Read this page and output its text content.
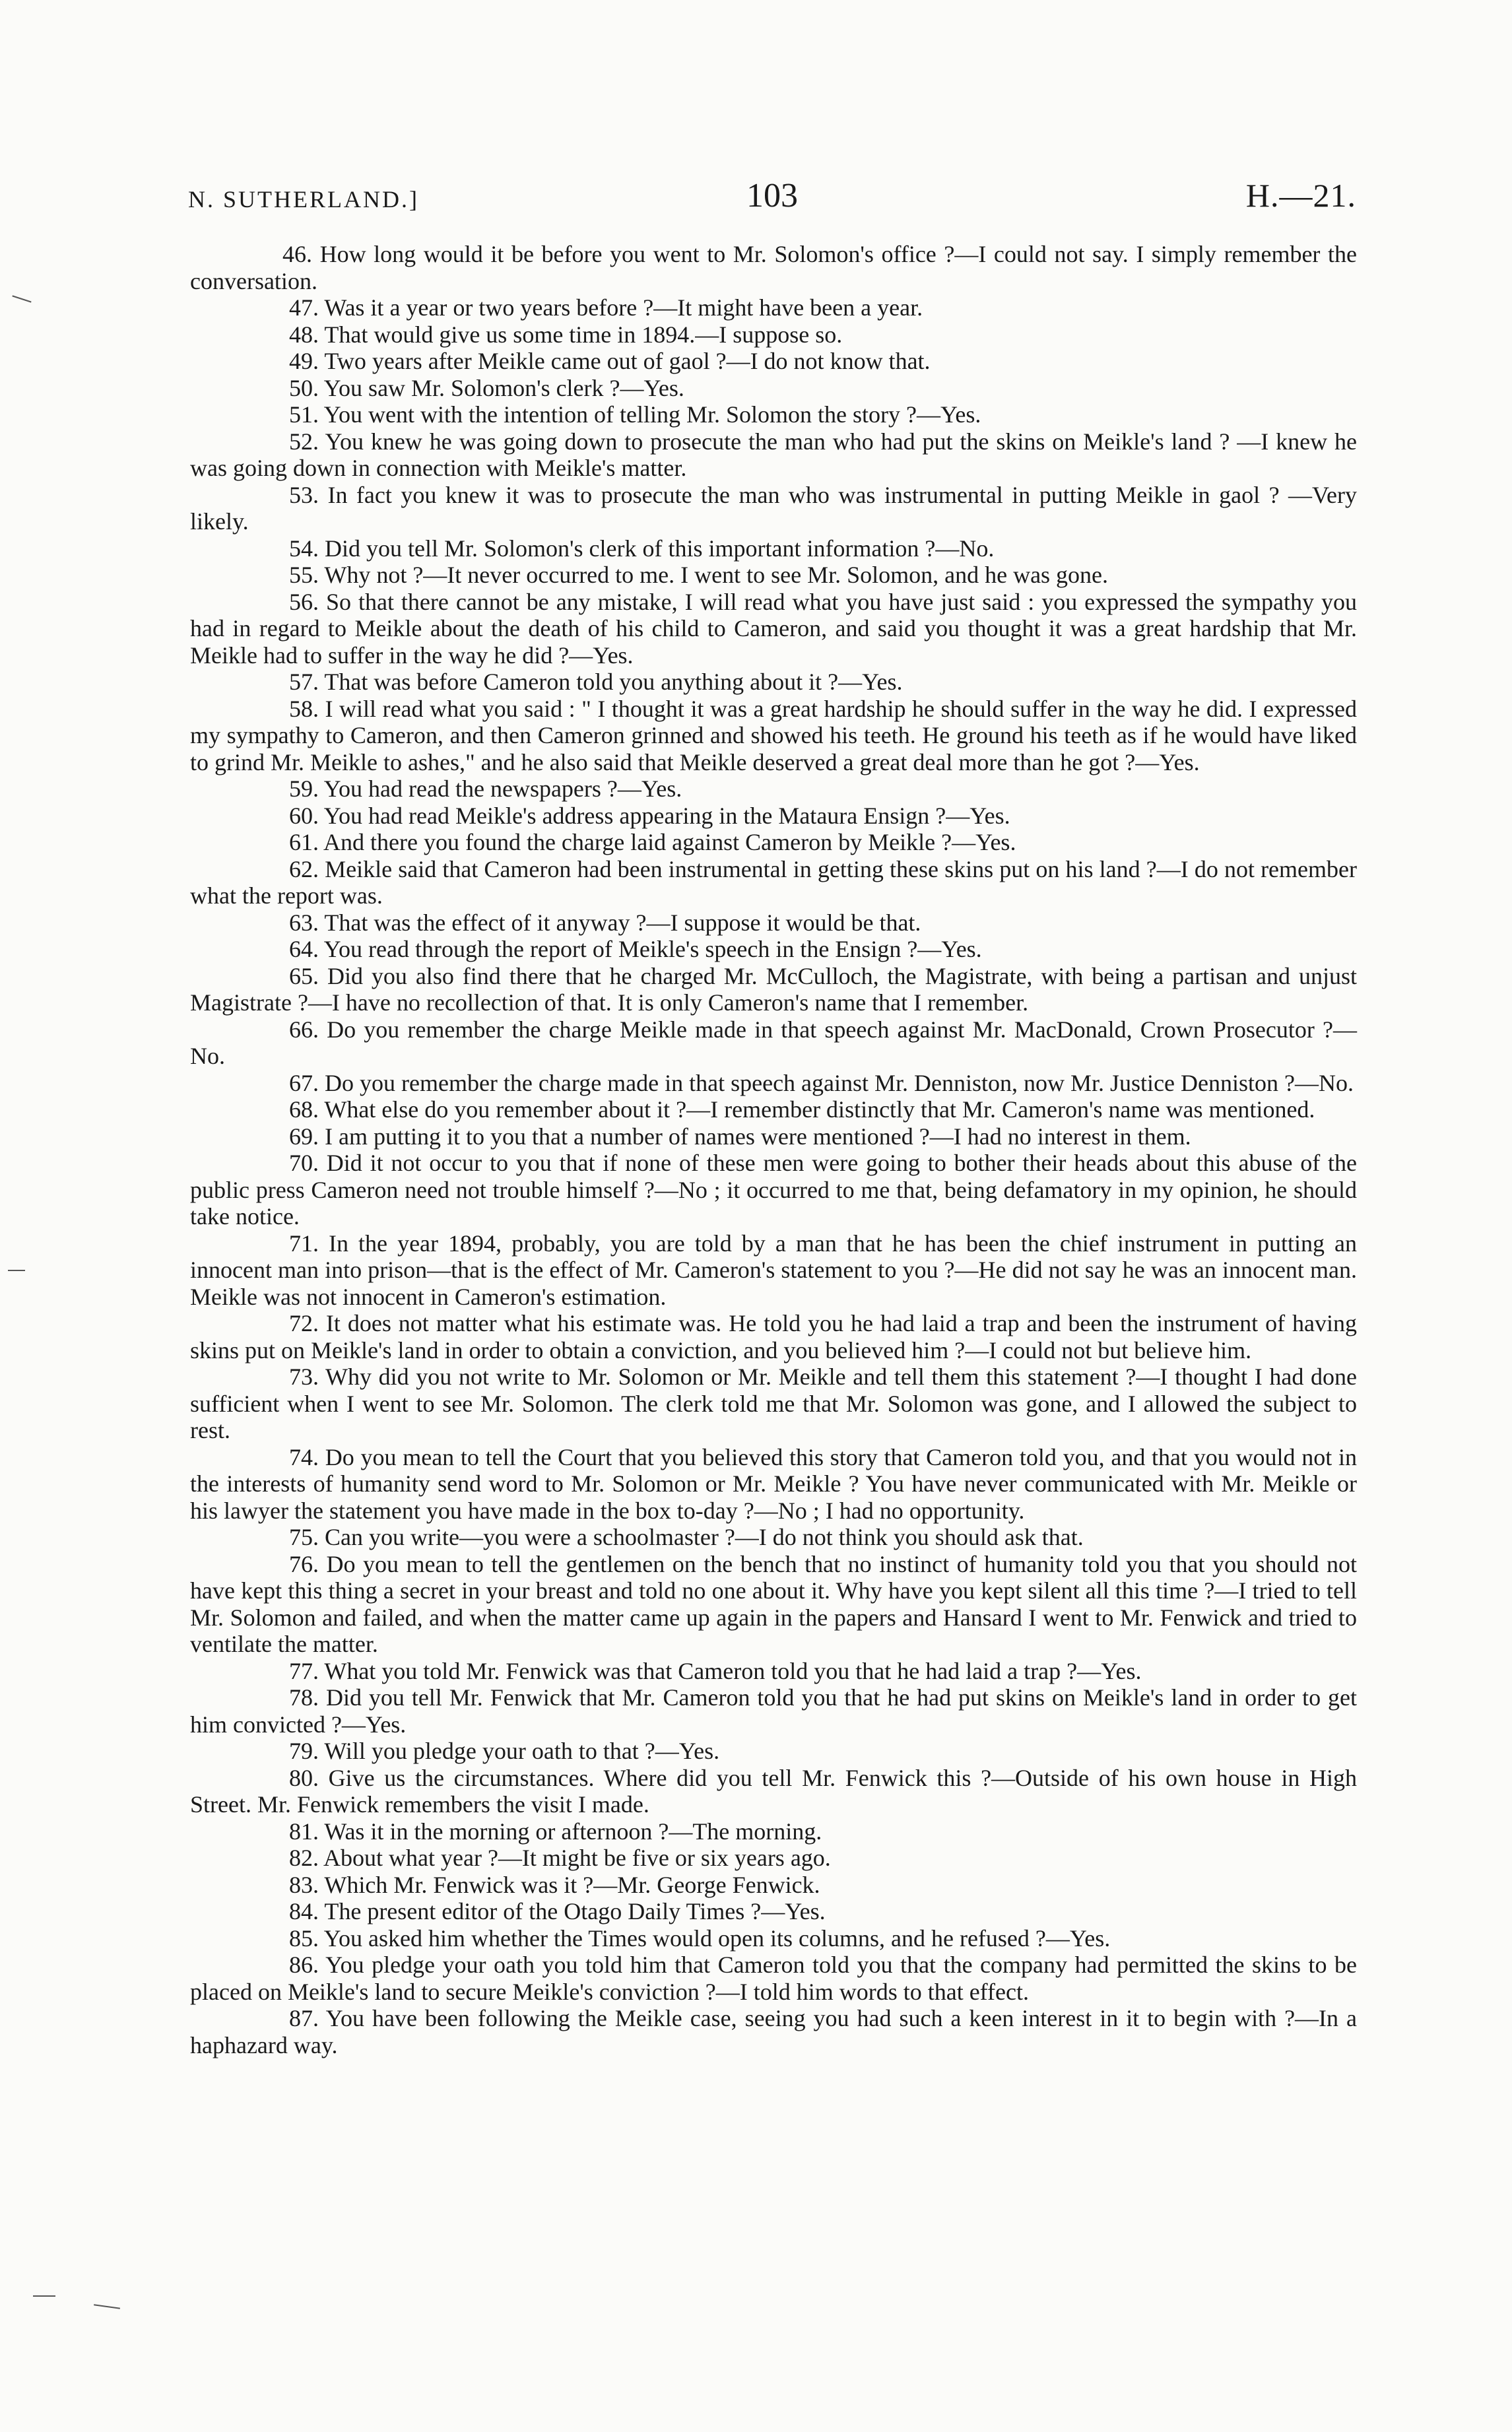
N. SUTHERLAND.]	103	H.—21.

46. How long would it be before you went to Mr. Solomon's office ?—I could not say. I simply remember the conversation.

47. Was it a year or two years before ?—It might have been a year.

48. That would give us some time in 1894.—I suppose so.

49. Two years after Meikle came out of gaol ?—I do not know that.

50. You saw Mr. Solomon's clerk ?—Yes.

51. You went with the intention of telling Mr. Solomon the story ?—Yes.

52. You knew he was going down to prosecute the man who had put the skins on Meikle's land ? —I knew he was going down in connection with Meikle's matter.

53. In fact you knew it was to prosecute the man who was instrumental in putting Meikle in gaol ? —Very likely.

54. Did you tell Mr. Solomon's clerk of this important information ?—No.

55. Why not ?—It never occurred to me. I went to see Mr. Solomon, and he was gone.

56. So that there cannot be any mistake, I will read what you have just said : you expressed the sympathy you had in regard to Meikle about the death of his child to Cameron, and said you thought it was a great hardship that Mr. Meikle had to suffer in the way he did ?—Yes.

57. That was before Cameron told you anything about it ?—Yes.

58. I will read what you said : " I thought it was a great hardship he should suffer in the way he did. I expressed my sympathy to Cameron, and then Cameron grinned and showed his teeth. He ground his teeth as if he would have liked to grind Mr. Meikle to ashes," and he also said that Meikle deserved a great deal more than he got ?—Yes.

59. You had read the newspapers ?—Yes.

60. You had read Meikle's address appearing in the Mataura Ensign ?—Yes.

61. And there you found the charge laid against Cameron by Meikle ?—Yes.

62. Meikle said that Cameron had been instrumental in getting these skins put on his land ?—I do not remember what the report was.

63. That was the effect of it anyway ?—I suppose it would be that.

64. You read through the report of Meikle's speech in the Ensign ?—Yes.

65. Did you also find there that he charged Mr. McCulloch, the Magistrate, with being a partisan and unjust Magistrate ?—I have no recollection of that. It is only Cameron's name that I remember.

66. Do you remember the charge Meikle made in that speech against Mr. MacDonald, Crown Prosecutor ?—No.

67. Do you remember the charge made in that speech against Mr. Denniston, now Mr. Justice Denniston ?—No.

68. What else do you remember about it ?—I remember distinctly that Mr. Cameron's name was mentioned.

69. I am putting it to you that a number of names were mentioned ?—I had no interest in them.

70. Did it not occur to you that if none of these men were going to bother their heads about this abuse of the public press Cameron need not trouble himself ?—No ; it occurred to me that, being defamatory in my opinion, he should take notice.

71. In the year 1894, probably, you are told by a man that he has been the chief instrument in putting an innocent man into prison—that is the effect of Mr. Cameron's statement to you ?—He did not say he was an innocent man. Meikle was not innocent in Cameron's estimation.

72. It does not matter what his estimate was. He told you he had laid a trap and been the instrument of having skins put on Meikle's land in order to obtain a conviction, and you believed him ?—I could not but believe him.

73. Why did you not write to Mr. Solomon or Mr. Meikle and tell them this statement ?—I thought I had done sufficient when I went to see Mr. Solomon. The clerk told me that Mr. Solomon was gone, and I allowed the subject to rest.

74. Do you mean to tell the Court that you believed this story that Cameron told you, and that you would not in the interests of humanity send word to Mr. Solomon or Mr. Meikle ? You have never communicated with Mr. Meikle or his lawyer the statement you have made in the box to-day ?—No ; I had no opportunity.

75. Can you write—you were a schoolmaster ?—I do not think you should ask that.

76. Do you mean to tell the gentlemen on the bench that no instinct of humanity told you that you should not have kept this thing a secret in your breast and told no one about it. Why have you kept silent all this time ?—I tried to tell Mr. Solomon and failed, and when the matter came up again in the papers and Hansard I went to Mr. Fenwick and tried to ventilate the matter.

77. What you told Mr. Fenwick was that Cameron told you that he had laid a trap ?—Yes.

78. Did you tell Mr. Fenwick that Mr. Cameron told you that he had put skins on Meikle's land in order to get him convicted ?—Yes.

79. Will you pledge your oath to that ?—Yes.

80. Give us the circumstances. Where did you tell Mr. Fenwick this ?—Outside of his own house in High Street. Mr. Fenwick remembers the visit I made.

81. Was it in the morning or afternoon ?—The morning.

82. About what year ?—It might be five or six years ago.

83. Which Mr. Fenwick was it ?—Mr. George Fenwick.

84. The present editor of the Otago Daily Times ?—Yes.

85. You asked him whether the Times would open its columns, and he refused ?—Yes.

86. You pledge your oath you told him that Cameron told you that the company had permitted the skins to be placed on Meikle's land to secure Meikle's conviction ?—I told him words to that effect.

87. You have been following the Meikle case, seeing you had such a keen interest in it to begin with ?—In a haphazard way.
